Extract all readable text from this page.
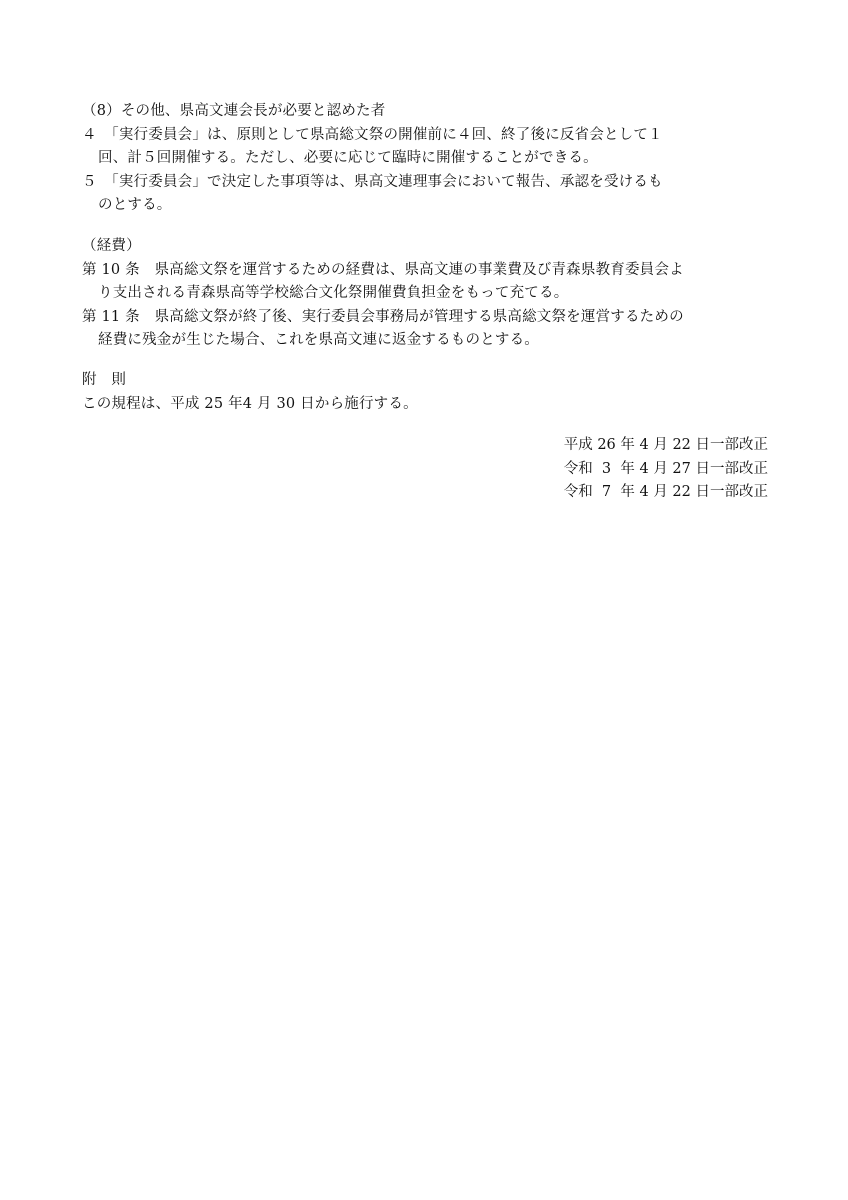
（8）その他、県高文連会長が必要と認めた者
４　「実行委員会」は、原則として県高総文祭の開催前に４回、終了後に反省会として１
回、計５回開催する。ただし、必要に応じて臨時に開催することができる。
５　「実行委員会」で決定した事項等は、県高文連理事会において報告、承認を受けるも
のとする。
（経費）
第 10 条　県高総文祭を運営するための経費は、県高文連の事業費及び青森県教育委員会よ
り支出される青森県高等学校総合文化祭開催費負担金をもって充てる。
第 11 条　県高総文祭が終了後、実行委員会事務局が管理する県高総文祭を運営するための
経費に残金が生じた場合、これを県高文連に返金するものとする。
附　則
この規程は、平成 25 年4 月 30 日から施行する。
平成 26 年 4 月 22 日一部改正
令和  3  年 4 月 27 日一部改正
令和  7  年 4 月 22 日一部改正
